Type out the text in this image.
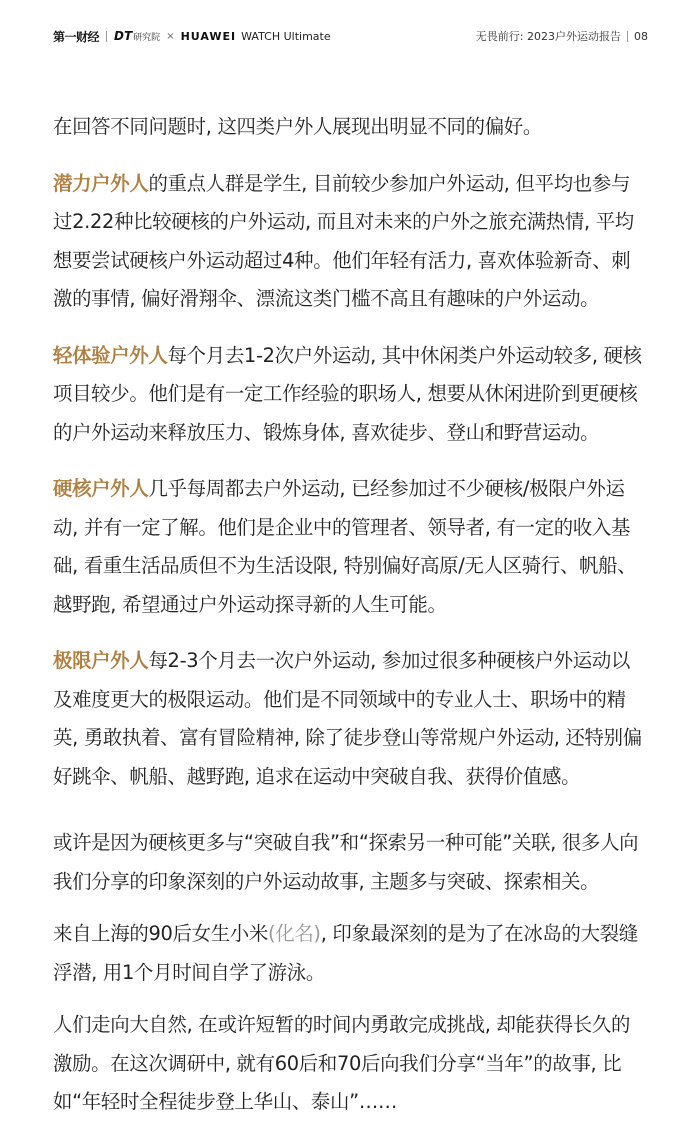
第一财经 DT 研究院 × HUAWEI WATCH Ultimate	无畏前行: 2023户外运动报告 08

在回答不同问题时, 这四类户外人展现出明显不同的偏好。

潜力户外人的重点人群是学生, 目前较少参加户外运动, 但平均也参与过2.22种比较硬核的户外运动, 而且对未来的户外之旅充满热情, 平均想要尝试硬核户外运动超过4种。他们年轻有活力, 喜欢体验新奇、刺激的事情, 偏好滑翔伞、漂流这类门槛不高且有趣味的户外运动。

轻体验户外人每个月去1-2次户外运动, 其中休闲类户外运动较多, 硬核项目较少。他们是有一定工作经验的职场人, 想要从休闲进阶到更硬核的户外运动来释放压力、锻炼身体, 喜欢徒步、登山和野营运动。

硬核户外人几乎每周都去户外运动, 已经参加过不少硬核/极限户外运动, 并有一定了解。他们是企业中的管理者、领导者, 有一定的收入基础, 看重生活品质但不为生活设限, 特别偏好高原/无人区骑行、帆船、越野跑, 希望通过户外运动探寻新的人生可能。

极限户外人每2-3个月去一次户外运动, 参加过很多种硬核户外运动以及难度更大的极限运动。他们是不同领域中的专业人士、职场中的精英, 勇敢执着、富有冒险精神, 除了徒步登山等常规户外运动, 还特别偏好跳伞、帆船、越野跑, 追求在运动中突破自我、获得价值感。

或许是因为硬核更多与“突破自我”和“探索另一种可能”关联, 很多人向我们分享的印象深刻的户外运动故事, 主题多与突破、探索相关。

来自上海的90后女生小米(化名), 印象最深刻的是为了在冰岛的大裂缝浮潜, 用1个月时间自学了游泳。

人们走向大自然, 在或许短暂的时间内勇敢完成挑战, 却能获得长久的激励。在这次调研中, 就有60后和70后向我们分享“当年”的故事, 比如“年轻时全程徒步登上华山、泰山”……
